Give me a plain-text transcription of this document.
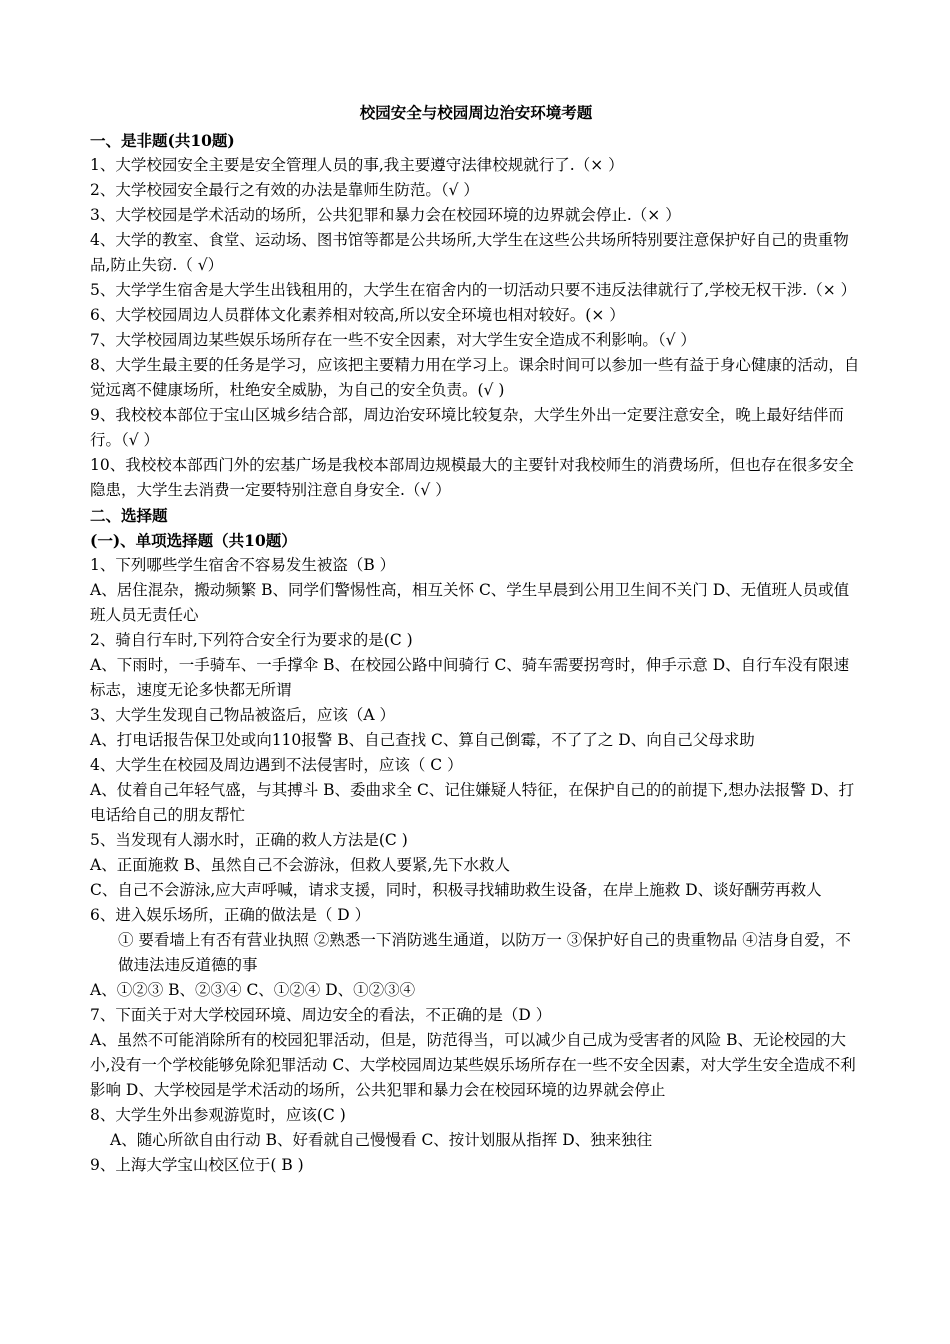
校园安全与校园周边治安环境考题
一、是非题(共10题)

1、大学校园安全主要是安全管理人员的事,我主要遵守法律校规就行了.（× ）

2、大学校园安全最行之有效的办法是靠师生防范。（√ ）

3、大学校园是学术活动的场所，公共犯罪和暴力会在校园环境的边界就会停止.（× ）

4、大学的教室、食堂、运动场、图书馆等都是公共场所,大学生在这些公共场所特别要注意保护好自己的贵重物品,防止失窃.（ √）

5、大学学生宿舍是大学生出钱租用的，大学生在宿舍内的一切活动只要不违反法律就行了,学校无权干涉.（× ）

6、大学校园周边人员群体文化素养相对较高,所以安全环境也相对较好。(× ）

7、大学校园周边某些娱乐场所存在一些不安全因素，对大学生安全造成不利影响。（√ ）

8、大学生最主要的任务是学习，应该把主要精力用在学习上。课余时间可以参加一些有益于身心健康的活动，自觉远离不健康场所，杜绝安全威胁，为自己的安全负责。(√ )

9、我校校本部位于宝山区城乡结合部，周边治安环境比较复杂，大学生外出一定要注意安全，晚上最好结伴而行。（√ ）

10、我校校本部西门外的宏基广场是我校本部周边规模最大的主要针对我校师生的消费场所，但也存在很多安全隐患，大学生去消费一定要特别注意自身安全.（√ ）

二、选择题
(一)、单项选择题（共10题）

1、下列哪些学生宿舍不容易发生被盗（B ）

A、居住混杂，搬动频繁 B、同学们警惕性高，相互关怀 C、学生早晨到公用卫生间不关门 D、无值班人员或值班人员无责任心

2、骑自行车时,下列符合安全行为要求的是(C )

A、下雨时，一手骑车、一手撑伞 B、在校园公路中间骑行 C、骑车需要拐弯时，伸手示意 D、自行车没有限速标志，速度无论多快都无所谓

3、大学生发现自己物品被盗后，应该（A ）

A、打电话报告保卫处或向110报警 B、自己查找 C、算自己倒霉，不了了之 D、向自己父母求助

4、大学生在校园及周边遇到不法侵害时，应该（ C ）

A、仗着自己年轻气盛，与其搏斗 B、委曲求全 C、记住嫌疑人特征，在保护自己的的前提下,想办法报警 D、打电话给自己的朋友帮忙

5、当发现有人溺水时，正确的救人方法是(C )

A、正面施救 B、虽然自己不会游泳，但救人要紧,先下水救人

C、自己不会游泳,应大声呼喊，请求支援，同时，积极寻找辅助救生设备，在岸上施救 D、谈好酬劳再救人

6、进入娱乐场所，正确的做法是（ D ）

① 要看墙上有否有营业执照 ②熟悉一下消防逃生通道，以防万一 ③保护好自己的贵重物品 ④洁身自爱，不做违法违反道德的事

A、①②③ B、②③④ C、①②④ D、①②③④

7、下面关于对大学校园环境、周边安全的看法，不正确的是（D ）

A、虽然不可能消除所有的校园犯罪活动，但是，防范得当，可以减少自己成为受害者的风险 B、无论校园的大小,没有一个学校能够免除犯罪活动 C、大学校园周边某些娱乐场所存在一些不安全因素，对大学生安全造成不利影响 D、大学校园是学术活动的场所，公共犯罪和暴力会在校园环境的边界就会停止

8、大学生外出参观游览时，应该(C )

A、随心所欲自由行动 B、好看就自己慢慢看 C、按计划服从指挥 D、独来独往

9、上海大学宝山校区位于( B )
